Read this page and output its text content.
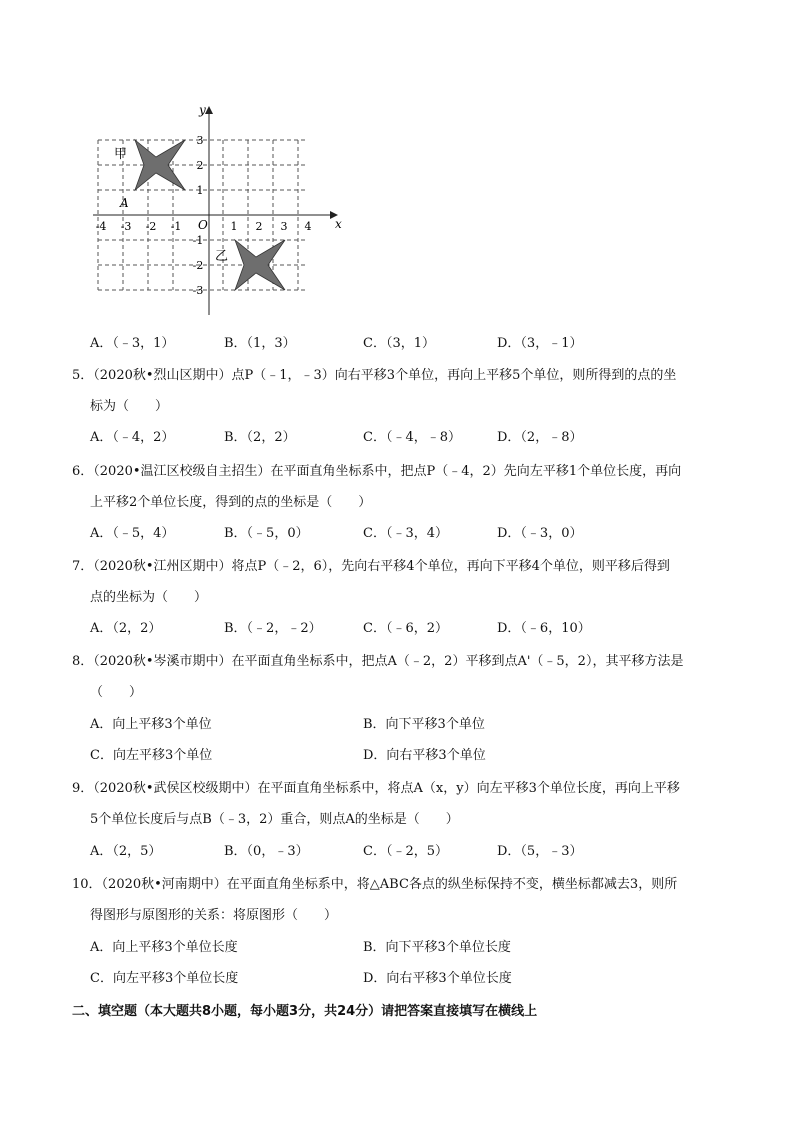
y
x
O
-4 -3 -2 -1	1 2 3 4
3
2
1
-1
-2
-3
甲
乙
A
A．（﹣3，1）	B．（1，3）	C．（3，1）	D．（3，﹣1）
5．（2020秋•烈山区期中）点P（﹣1，﹣3）向右平移3个单位，再向上平移5个单位，则所得到的点的坐
标为（　　）
A．（﹣4，2）	B．（2，2）	C．（﹣4，﹣8）	D．（2，﹣8）
6．（2020•温江区校级自主招生）在平面直角坐标系中，把点P（﹣4，2）先向左平移1个单位长度，再向
上平移2个单位长度，得到的点的坐标是（　　）
A．（﹣5，4）	B．（﹣5，0）	C．（﹣3，4）	D．（﹣3，0）
7．（2020秋•江州区期中）将点P（﹣2，6），先向右平移4个单位，再向下平移4个单位，则平移后得到
点的坐标为（　　）
A．（2，2）	B．（﹣2，﹣2）	C．（﹣6，2）	D．（﹣6，10）
8．（2020秋•岑溪市期中）在平面直角坐标系中，把点A（﹣2，2）平移到点A'（﹣5，2），其平移方法是
（　　）
A．向上平移3个单位	B．向下平移3个单位
C．向左平移3个单位	D．向右平移3个单位
9．（2020秋•武侯区校级期中）在平面直角坐标系中，将点A（x，y）向左平移3个单位长度，再向上平移
5个单位长度后与点B（﹣3，2）重合，则点A的坐标是（　　）
A．（2，5）	B．（0，﹣3）	C．（﹣2，5）	D．（5，﹣3）
10．（2020秋•河南期中）在平面直角坐标系中，将△ABC各点的纵坐标保持不变，横坐标都减去3，则所
得图形与原图形的关系：将原图形（　　）
A．向上平移3个单位长度	B．向下平移3个单位长度
C．向左平移3个单位长度	D．向右平移3个单位长度
二、填空题（本大题共8小题，每小题3分，共24分）请把答案直接填写在横线上
